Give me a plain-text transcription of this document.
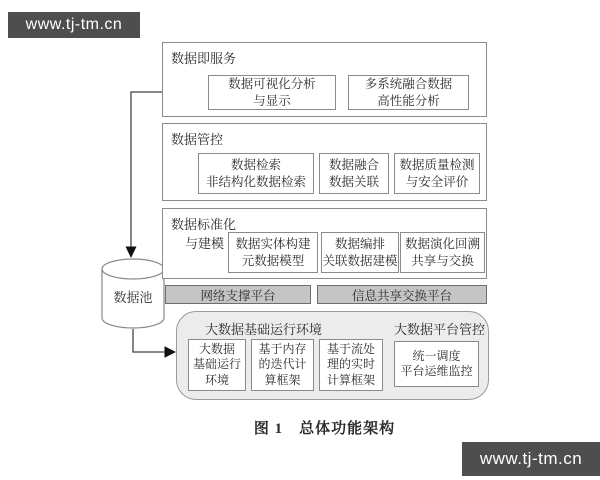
www.tj-tm.cn
数据池
数据即服务
数据可视化分析
与显示
多系统融合数据
高性能分析
数据管控
数据检索
非结构化数据检索
数据融合
数据关联
数据质量检测
与安全评价
数据标准化
与建模 数据实体构建
元数据模型
数据编排
关联数据建模
数据演化回溯
共享与交换
网络支撑平台	信息共享交换平台
大数据基础运行环境	大数据平台管控
大数据
基础运行
环境
基于内存
的迭代计
算框架
基于流处
理的实时
计算框架
统一调度
平台运维监控
图 1　总体功能架构
www.tj-tm.cn
